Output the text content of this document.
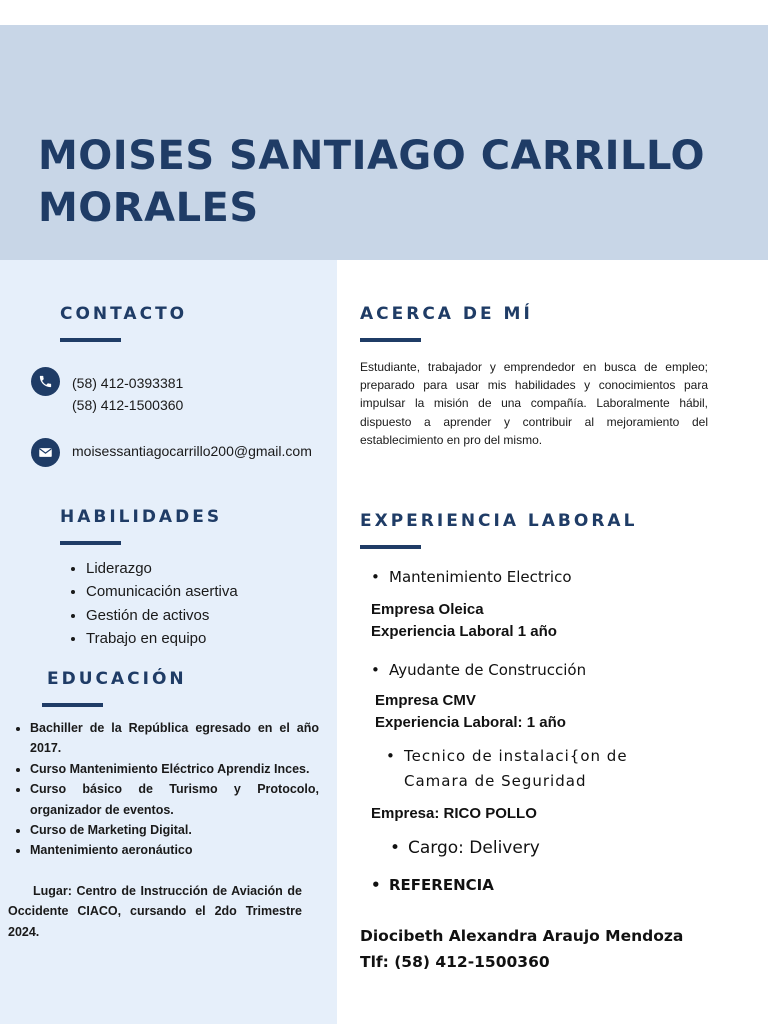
MOISES SANTIAGO CARRILLO
MORALES
CONTACTO
(58) 412-0393381
(58) 412-1500360
moisessantiagocarrillo200@gmail.com
HABILIDADES
• Liderazgo
• Comunicación asertiva
• Gestión de activos
• Trabajo en equipo
EDUCACIÓN
• Bachiller de la República egresado en el año 2017.
• Curso Mantenimiento Eléctrico Aprendiz Inces.
• Curso básico de Turismo y Protocolo, organizador de eventos.
• Curso de Marketing Digital.
• Mantenimiento aeronáutico

Lugar: Centro de Instrucción de Aviación de Occidente CIACO, cursando el 2do Trimestre 2024.

ACERCA DE MÍ

Estudiante, trabajador y emprendedor en busca de empleo; preparado para usar mis habilidades y conocimientos para impulsar la misión de una compañía. Laboralmente hábil, dispuesto a aprender y contribuir al mejoramiento del establecimiento en pro del mismo.

EXPERIENCIA LABORAL

• Mantenimiento Electrico

Empresa Oleica

Experiencia Laboral 1 año

• Ayudante de Construcción

Empresa CMV

Experiencia Laboral: 1 año

• Tecnico de instalaci{on de

Camara de Seguridad

Empresa: RICO POLLO

• Cargo: Delivery

• REFERENCIA

Diocibeth Alexandra Araujo Mendoza

Tlf: (58) 412-1500360
